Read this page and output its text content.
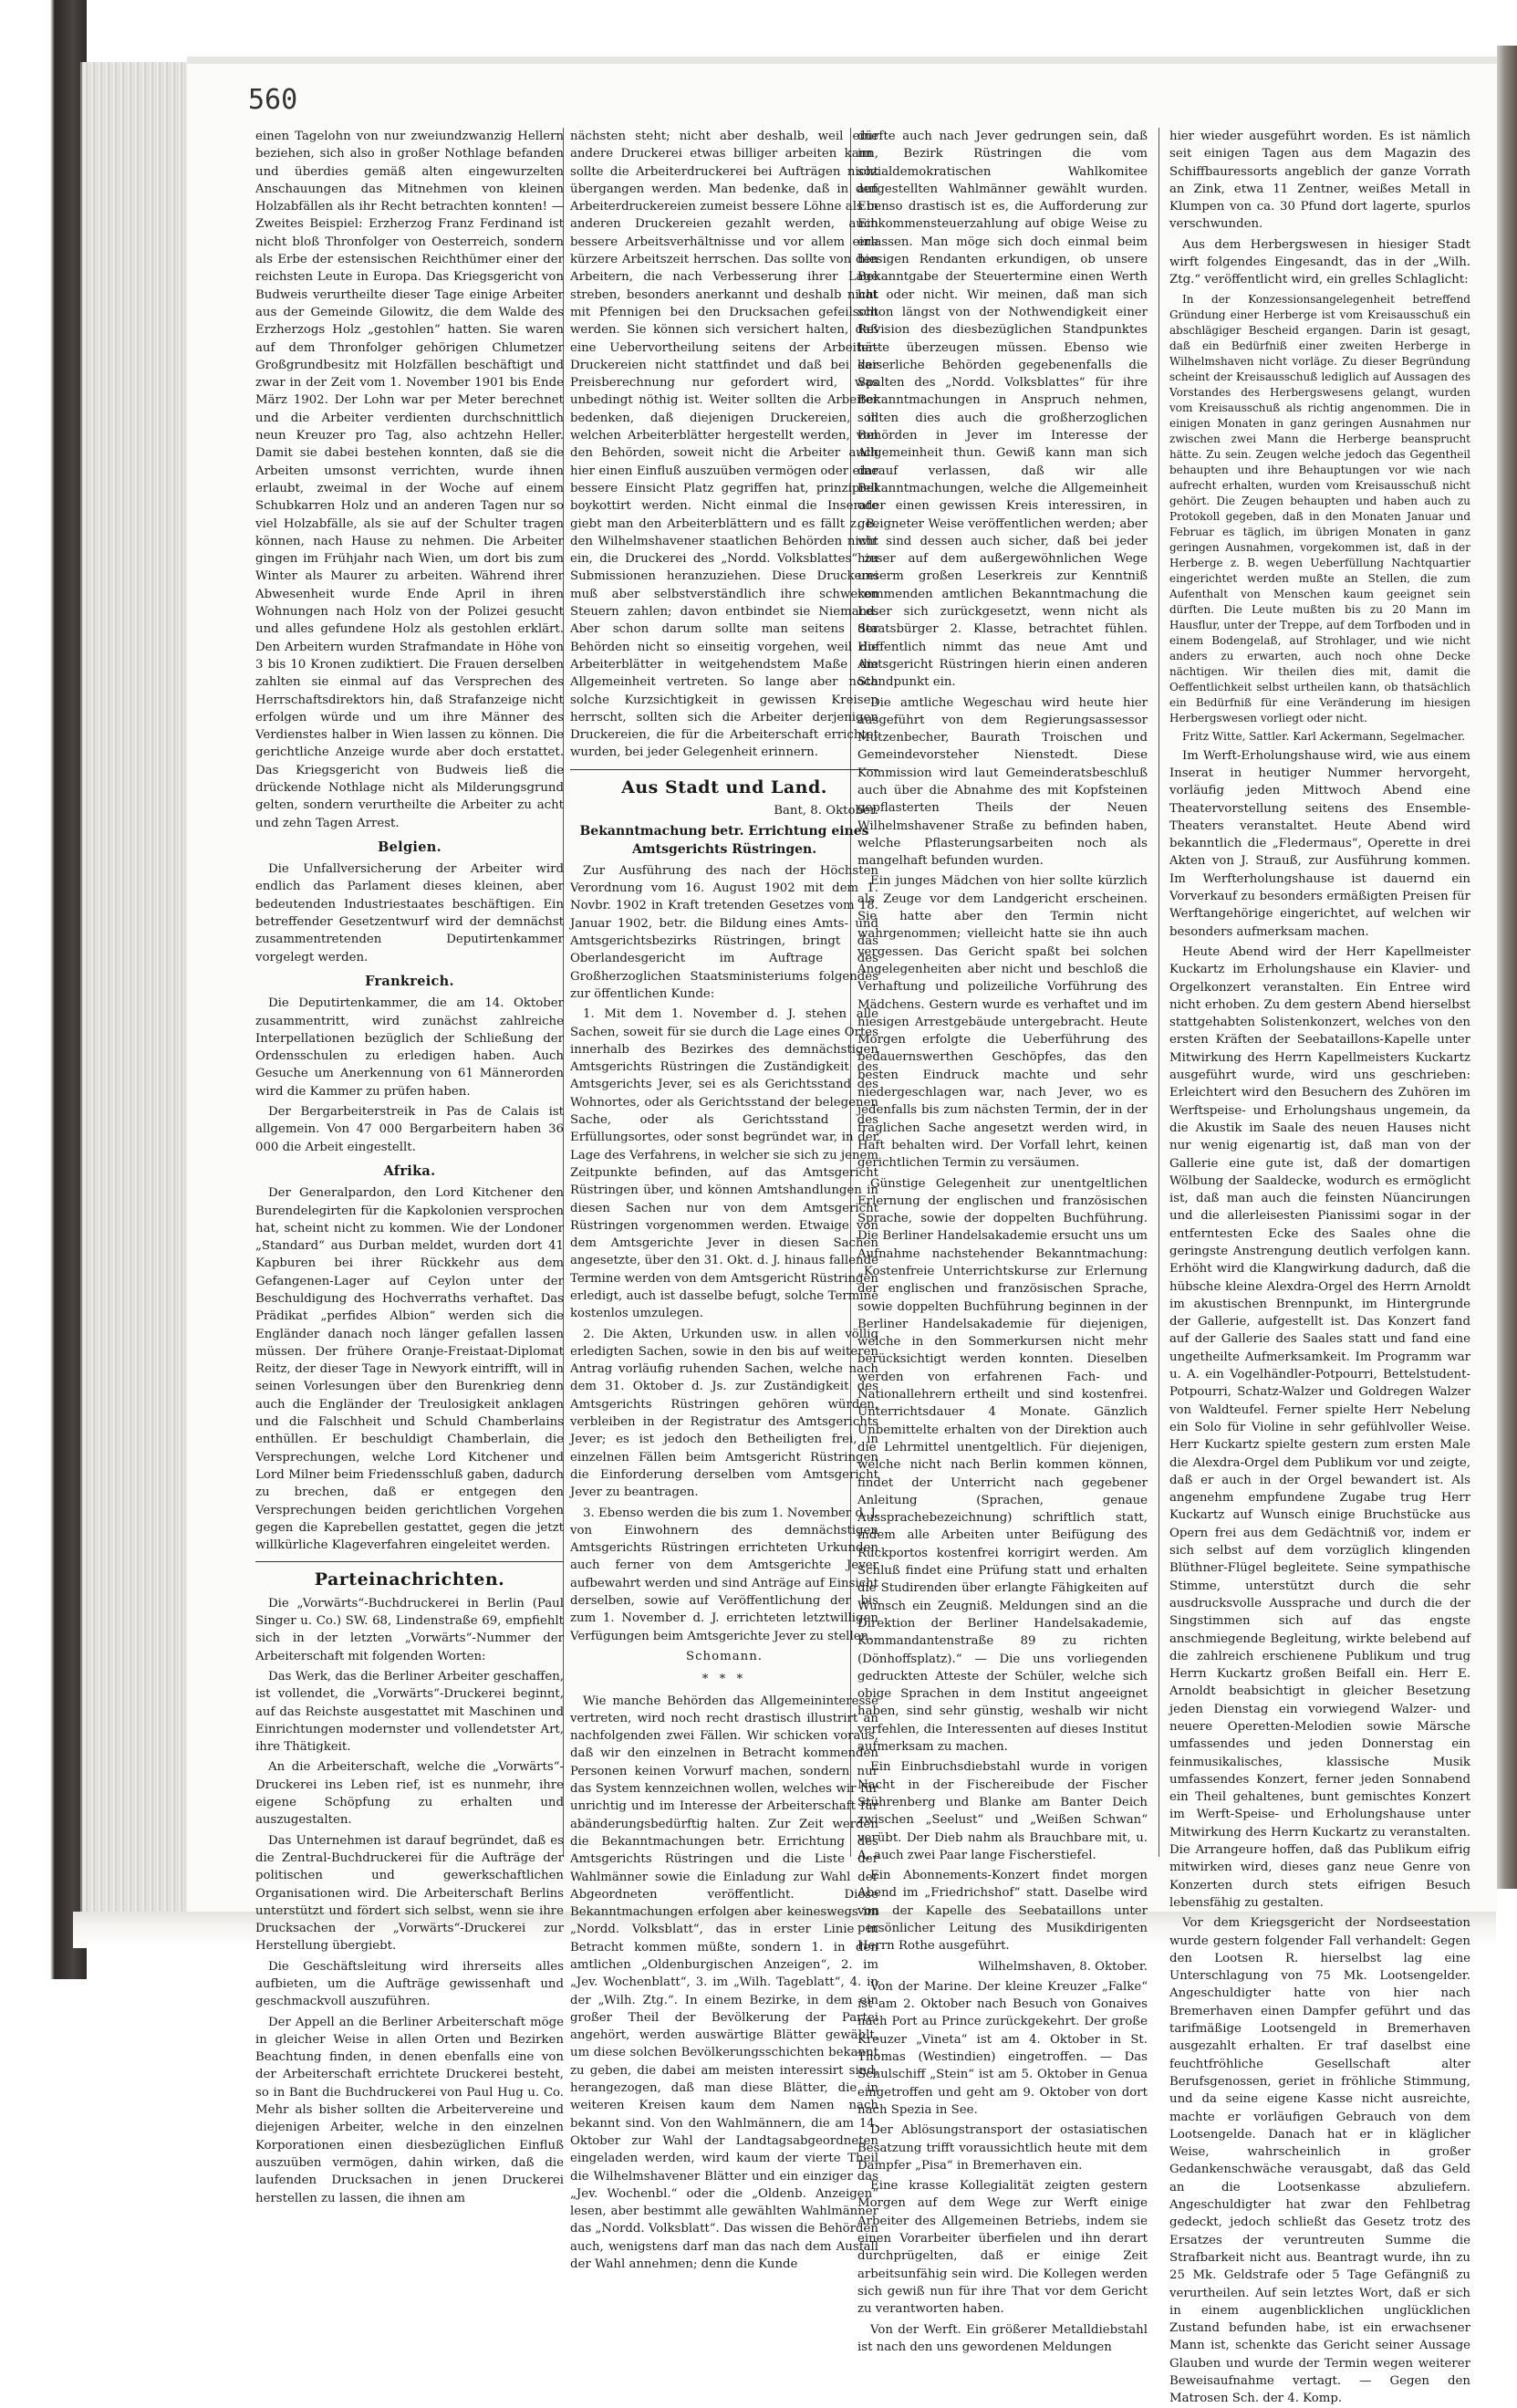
560

einen Tagelohn von nur zweiundzwanzig Hellern beziehen, sich also in großer Nothlage befanden und überdies gemäß alten eingewurzelten Anschauungen das Mitnehmen von kleinen Holzabfällen als ihr Recht betrachten konnten! — Zweites Beispiel: Erzherzog Franz Ferdinand ist nicht bloß Thronfolger von Oesterreich, sondern als Erbe der estensischen Reichthümer einer der reichsten Leute in Europa. Das Kriegsgericht von Budweis verurtheilte dieser Tage einige Arbeiter aus der Gemeinde Gilowitz, die dem Walde des Erzherzogs Holz „gestohlen“ hatten. Sie waren auf dem Thronfolger gehörigen Chlumetzer Großgrundbesitz mit Holzfällen beschäftigt und zwar in der Zeit vom 1. November 1901 bis Ende März 1902. Der Lohn war per Meter berechnet und die Arbeiter verdienten durchschnittlich neun Kreuzer pro Tag, also achtzehn Heller. Damit sie dabei bestehen konnten, daß sie die Arbeiten umsonst verrichten, wurde ihnen erlaubt, zweimal in der Woche auf einem Schubkarren Holz und an anderen Tagen nur so viel Holzabfälle, als sie auf der Schulter tragen können, nach Hause zu nehmen. Die Arbeiter gingen im Frühjahr nach Wien, um dort bis zum Winter als Maurer zu arbeiten. Während ihrer Abwesenheit wurde Ende April in ihren Wohnungen nach Holz von der Polizei gesucht und alles gefundene Holz als gestohlen erklärt. Den Arbeitern wurden Strafmandate in Höhe von 3 bis 10 Kronen zudiktiert. Die Frauen derselben zahlten sie einmal auf das Versprechen des Herrschaftsdirektors hin, daß Strafanzeige nicht erfolgen würde und um ihre Männer des Verdienstes halber in Wien lassen zu können. Die gerichtliche Anzeige wurde aber doch erstattet. Das Kriegsgericht von Budweis ließ die drückende Nothlage nicht als Milderungsgrund gelten, sondern verurtheilte die Arbeiter zu acht und zehn Tagen Arrest.

Belgien.

Die Unfallversicherung der Arbeiter wird endlich das Parlament dieses kleinen, aber bedeutenden Industriestaates beschäftigen. Ein betreffender Gesetzentwurf wird der demnächst zusammentretenden Deputirtenkammer vorgelegt werden.

Frankreich.

Die Deputirtenkammer, die am 14. Oktober zusammentritt, wird zunächst zahlreiche Interpellationen bezüglich der Schließung der Ordensschulen zu erledigen haben. Auch Gesuche um Anerkennung von 61 Männerorden wird die Kammer zu prüfen haben.

Der Bergarbeiterstreik in Pas de Calais ist allgemein. Von 47 000 Bergarbeitern haben 36 000 die Arbeit eingestellt.

Afrika.

Der Generalpardon, den Lord Kitchener den Burendelegirten für die Kapkolonien versprochen hat, scheint nicht zu kommen. Wie der Londoner „Standard“ aus Durban meldet, wurden dort 41 Kapburen bei ihrer Rückkehr aus dem Gefangenen-Lager auf Ceylon unter der Beschuldigung des Hochverraths verhaftet. Das Prädikat „perfides Albion“ werden sich die Engländer danach noch länger gefallen lassen müssen. Der frühere Oranje-Freistaat-Diplomat Reitz, der dieser Tage in Newyork eintrifft, will in seinen Vorlesungen über den Burenkrieg denn auch die Engländer der Treulosigkeit anklagen und die Falschheit und Schuld Chamberlains enthüllen. Er beschuldigt Chamberlain, die Versprechungen, welche Lord Kitchener und Lord Milner beim Friedensschluß gaben, dadurch zu brechen, daß er entgegen den Versprechungen beiden gerichtlichen Vorgehen gegen die Kaprebellen gestattet, gegen die jetzt willkürliche Klageverfahren eingeleitet werden.

Parteinachrichten.

Die „Vorwärts“-Buchdruckerei in Berlin (Paul Singer u. Co.) SW. 68, Lindenstraße 69, empfiehlt sich in der letzten „Vorwärts“-Nummer der Arbeiterschaft mit folgenden Worten:

Das Werk, das die Berliner Arbeiter geschaffen, ist vollendet, die „Vorwärts“-Druckerei beginnt, auf das Reichste ausgestattet mit Maschinen und Einrichtungen modernster und vollendetster Art, ihre Thätigkeit.

An die Arbeiterschaft, welche die „Vorwärts“-Druckerei ins Leben rief, ist es nunmehr, ihre eigene Schöpfung zu erhalten und auszugestalten.

Das Unternehmen ist darauf begründet, daß es die Zentral-Buchdruckerei für die Aufträge der politischen und gewerkschaftlichen Organisationen wird. Die Arbeiterschaft Berlins unterstützt und fördert sich selbst, wenn sie ihre Drucksachen der „Vorwärts“-Druckerei zur Herstellung übergiebt.

Die Geschäftsleitung wird ihrerseits alles aufbieten, um die Aufträge gewissenhaft und geschmackvoll auszuführen.

Der Appell an die Berliner Arbeiterschaft möge in gleicher Weise in allen Orten und Bezirken Beachtung finden, in denen ebenfalls eine von der Arbeiterschaft errichtete Druckerei besteht, so in Bant die Buchdruckerei von Paul Hug u. Co. Mehr als bisher sollten die Arbeitervereine und diejenigen Arbeiter, welche in den einzelnen Korporationen einen diesbezüglichen Einfluß auszuüben vermögen, dahin wirken, daß die laufenden Drucksachen in jenen Druckerei herstellen zu lassen, die ihnen am

nächsten steht; nicht aber deshalb, weil eine andere Druckerei etwas billiger arbeiten kann, sollte die Arbeiterdruckerei bei Aufträgen nicht übergangen werden. Man bedenke, daß in den Arbeiterdruckereien zumeist bessere Löhne als in anderen Druckereien gezahlt werden, auch bessere Arbeitsverhältnisse und vor allem eine kürzere Arbeitszeit herrschen. Das sollte von den Arbeitern, die nach Verbesserung ihrer Lage streben, besonders anerkannt und deshalb nicht mit Pfennigen bei den Drucksachen gefeilscht werden. Sie können sich versichert halten, daß eine Uebervortheilung seitens der Arbeiter-Druckereien nicht stattfindet und daß bei der Preisberechnung nur gefordert wird, was unbedingt nöthig ist. Weiter sollten die Arbeiter bedenken, daß diejenigen Druckereien, in welchen Arbeiterblätter hergestellt werden, von den Behörden, soweit nicht die Arbeiter auch hier einen Einfluß auszuüben vermögen oder eine bessere Einsicht Platz gegriffen hat, prinzipiell boykottirt werden. Nicht einmal die Inserate giebt man den Arbeiterblättern und es fällt z. B. den Wilhelmshavener staatlichen Behörden nicht ein, die Druckerei des „Nordd. Volksblattes“ zu Submissionen heranzuziehen. Diese Druckerei muß aber selbstverständlich ihre schweren Steuern zahlen; davon entbindet sie Niemand. Aber schon darum sollte man seitens der Behörden nicht so einseitig vorgehen, weil die Arbeiterblätter in weitgehendstem Maße die Allgemeinheit vertreten. So lange aber noch solche Kurzsichtigkeit in gewissen Kreisen herrscht, sollten sich die Arbeiter derjenigen Druckereien, die für die Arbeiterschaft errichtet wurden, bei jeder Gelegenheit erinnern.

Aus Stadt und Land.
Bant, 8. Oktober.
Bekanntmachung betr. Errichtung eines Amtsgerichts Rüstringen.

Zur Ausführung des nach der Höchsten Verordnung vom 16. August 1902 mit dem 1. Novbr. 1902 in Kraft tretenden Gesetzes vom 18. Januar 1902, betr. die Bildung eines Amts- und Amtsgerichtsbezirks Rüstringen, bringt das Oberlandesgericht im Auftrage des Großherzoglichen Staatsministeriums folgendes zur öffentlichen Kunde:

1. Mit dem 1. November d. J. stehen alle Sachen, soweit für sie durch die Lage eines Ortes innerhalb des Bezirkes des demnächstigen Amtsgerichts Rüstringen die Zuständigkeit des Amtsgerichts Jever, sei es als Gerichtsstand des Wohnortes, oder als Gerichtsstand der belegenen Sache, oder als Gerichtsstand des Erfüllungsortes, oder sonst begründet war, in der Lage des Verfahrens, in welcher sie sich zu jenem Zeitpunkte befinden, auf das Amtsgericht Rüstringen über, und können Amtshandlungen in diesen Sachen nur von dem Amtsgericht Rüstringen vorgenommen werden. Etwaige von dem Amtsgerichte Jever in diesen Sachen angesetzte, über den 31. Okt. d. J. hinaus fallende Termine werden von dem Amtsgericht Rüstringen erledigt, auch ist dasselbe befugt, solche Termine kostenlos umzulegen.

2. Die Akten, Urkunden usw. in allen völlig erledigten Sachen, sowie in den bis auf weiteren Antrag vorläufig ruhenden Sachen, welche nach dem 31. Oktober d. Js. zur Zuständigkeit des Amtsgerichts Rüstringen gehören würden, verbleiben in der Registratur des Amtsgerichts Jever; es ist jedoch den Betheiligten frei, in einzelnen Fällen beim Amtsgericht Rüstringen die Einforderung derselben vom Amtsgericht Jever zu beantragen.

3. Ebenso werden die bis zum 1. November d. J. von Einwohnern des demnächstigen Amtsgerichts Rüstringen errichteten Urkunden auch ferner von dem Amtsgerichte Jever aufbewahrt werden und sind Anträge auf Einsicht derselben, sowie auf Veröffentlichung der bis zum 1. November d. J. errichteten letztwilligen Verfügungen beim Amtsgerichte Jever zu stellen.

Schomann.
* * *

Wie manche Behörden das Allgemeininteresse vertreten, wird noch recht drastisch illustrirt an nachfolgenden zwei Fällen. Wir schicken voraus, daß wir den einzelnen in Betracht kommenden Personen keinen Vorwurf machen, sondern nur das System kennzeichnen wollen, welches wir für unrichtig und im Interesse der Arbeiterschaft für abänderungsbedürftig halten. Zur Zeit werden die Bekanntmachungen betr. Errichtung des Amtsgerichts Rüstringen und die Liste der Wahlmänner sowie die Einladung zur Wahl der Abgeordneten veröffentlicht. Diese Bekanntmachungen erfolgen aber keineswegs im „Nordd. Volksblatt“, das in erster Linie in Betracht kommen müßte, sondern 1. in den amtlichen „Oldenburgischen Anzeigen“, 2. im „Jev. Wochenblatt“, 3. im „Wilh. Tageblatt“, 4. in der „Wilh. Ztg.“. In einem Bezirke, in dem ein großer Theil der Bevölkerung der Partei angehört, werden auswärtige Blätter gewählt, um diese solchen Bevölkerungsschichten bekannt zu geben, die dabei am meisten interessirt sind, herangezogen, daß man diese Blätter, die in weiteren Kreisen kaum dem Namen nach bekannt sind. Von den Wahlmännern, die am 14. Oktober zur Wahl der Landtagsabgeordneten eingeladen werden, wird kaum der vierte Theil die Wilhelmshavener Blätter und ein einziger das „Jev. Wochenbl.“ oder die „Oldenb. Anzeigen“ lesen, aber bestimmt alle gewählten Wahlmänner das „Nordd. Volksblatt“. Das wissen die Behörden auch, wenigstens darf man das nach dem Ausfall der Wahl annehmen; denn die Kunde

dürfte auch nach Jever gedrungen sein, daß im Bezirk Rüstringen die vom sozialdemokratischen Wahlkomitee aufgestellten Wahlmänner gewählt wurden. Ebenso drastisch ist es, die Aufforderung zur Einkommensteuerzahlung auf obige Weise zu erlassen. Man möge sich doch einmal beim hiesigen Rendanten erkundigen, ob unsere Bekanntgabe der Steuertermine einen Werth hat oder nicht. Wir meinen, daß man sich schon längst von der Nothwendigkeit einer Revision des diesbezüglichen Standpunktes hätte überzeugen müssen. Ebenso wie kaiserliche Behörden gegebenenfalls die Spalten des „Nordd. Volksblattes“ für ihre Bekanntmachungen in Anspruch nehmen, sollten dies auch die großherzoglichen Behörden in Jever im Interesse der Allgemeinheit thun. Gewiß kann man sich darauf verlassen, daß wir alle Bekanntmachungen, welche die Allgemeinheit oder einen gewissen Kreis interessiren, in geeigneter Weise veröffentlichen werden; aber wir sind dessen auch sicher, daß bei jeder hieser auf dem außergewöhnlichen Wege unserm großen Leserkreis zur Kenntniß kommenden amtlichen Bekanntmachung die Leser sich zurückgesetzt, wenn nicht als Staatsbürger 2. Klasse, betrachtet fühlen. Hoffentlich nimmt das neue Amt und Amtsgericht Rüstringen hierin einen anderen Standpunkt ein.

Die amtliche Wegeschau wird heute hier ausgeführt von dem Regierungsassessor Mutzenbecher, Baurath Troischen und Gemeindevorsteher Nienstedt. Diese Kommission wird laut Gemeinderatsbeschluß auch über die Abnahme des mit Kopfsteinen gepflasterten Theils der Neuen Wilhelmshavener Straße zu befinden haben, welche Pflasterungsarbeiten noch als mangelhaft befunden wurden.

Ein junges Mädchen von hier sollte kürzlich als Zeuge vor dem Landgericht erscheinen. Sie hatte aber den Termin nicht wahrgenommen; vielleicht hatte sie ihn auch vergessen. Das Gericht spaßt bei solchen Angelegenheiten aber nicht und beschloß die Verhaftung und polizeiliche Vorführung des Mädchens. Gestern wurde es verhaftet und im hiesigen Arrestgebäude untergebracht. Heute Morgen erfolgte die Ueberführung des bedauernswerthen Geschöpfes, das den besten Eindruck machte und sehr niedergeschlagen war, nach Jever, wo es jedenfalls bis zum nächsten Termin, der in der fraglichen Sache angesetzt werden wird, in Haft behalten wird. Der Vorfall lehrt, keinen gerichtlichen Termin zu versäumen.

Günstige Gelegenheit zur unentgeltlichen Erlernung der englischen und französischen Sprache, sowie der doppelten Buchführung. Die Berliner Handelsakademie ersucht uns um Aufnahme nachstehender Bekanntmachung: „Kostenfreie Unterrichtskurse zur Erlernung der englischen und französischen Sprache, sowie doppelten Buchführung beginnen in der Berliner Handelsakademie für diejenigen, welche in den Sommerkursen nicht mehr berücksichtigt werden konnten. Dieselben werden von erfahrenen Fach- und Nationallehrern ertheilt und sind kostenfrei. Unterrichtsdauer 4 Monate. Gänzlich Unbemittelte erhalten von der Direktion auch die Lehrmittel unentgeltlich. Für diejenigen, welche nicht nach Berlin kommen können, findet der Unterricht nach gegebener Anleitung (Sprachen, genaue Aussprachebezeichnung) schriftlich statt, indem alle Arbeiten unter Beifügung des Rückportos kostenfrei korrigirt werden. Am Schluß findet eine Prüfung statt und erhalten die Studirenden über erlangte Fähigkeiten auf Wunsch ein Zeugniß. Meldungen sind an die Direktion der Berliner Handelsakademie, Kommandantenstraße 89 zu richten (Dönhoffsplatz).“ — Die uns vorliegenden gedruckten Atteste der Schüler, welche sich obige Sprachen in dem Institut angeeignet haben, sind sehr günstig, weshalb wir nicht verfehlen, die Interessenten auf dieses Institut aufmerksam zu machen.

Ein Einbruchsdiebstahl wurde in vorigen Nacht in der Fischereibude der Fischer Stührenberg und Blanke am Banter Deich zwischen „Seelust“ und „Weißen Schwan“ verübt. Der Dieb nahm als Brauchbare mit, u. A. auch zwei Paar lange Fischerstiefel.

Ein Abonnements-Konzert findet morgen Abend im „Friedrichshof“ statt. Daselbe wird von der Kapelle des Seebataillons unter persönlicher Leitung des Musikdirigenten Herrn Rothe ausgeführt.

Wilhelmshaven, 8. Oktober.

Von der Marine. Der kleine Kreuzer „Falke“ ist am 2. Oktober nach Besuch von Gonaives nach Port au Prince zurückgekehrt. Der große Kreuzer „Vineta“ ist am 4. Oktober in St. Thomas (Westindien) eingetroffen. — Das Schulschiff „Stein“ ist am 5. Oktober in Genua eingetroffen und geht am 9. Oktober von dort nach Spezia in See.

Der Ablösungstransport der ostasiatischen Besatzung trifft voraussichtlich heute mit dem Dampfer „Pisa“ in Bremerhaven ein.

Eine krasse Kollegialität zeigten gestern Morgen auf dem Wege zur Werft einige Arbeiter des Allgemeinen Betriebs, indem sie einen Vorarbeiter überfielen und ihn derart durchprügelten, daß er einige Zeit arbeitsunfähig sein wird. Die Kollegen werden sich gewiß nun für ihre That vor dem Gericht zu verantworten haben.

Von der Werft. Ein größerer Metalldiebstahl ist nach den uns gewordenen Meldungen

hier wieder ausgeführt worden. Es ist nämlich seit einigen Tagen aus dem Magazin des Schiffbauressorts angeblich der ganze Vorrath an Zink, etwa 11 Zentner, weißes Metall in Klumpen von ca. 30 Pfund dort lagerte, spurlos verschwunden.

Aus dem Herbergswesen in hiesiger Stadt wirft folgendes Eingesandt, das in der „Wilh. Ztg.“ veröffentlicht wird, ein grelles Schlaglicht:

In der Konzessionsangelegenheit betreffend Gründung einer Herberge ist vom Kreisausschuß ein abschlägiger Bescheid ergangen. Darin ist gesagt, daß ein Bedürfniß einer zweiten Herberge in Wilhelmshaven nicht vorläge. Zu dieser Begründung scheint der Kreisausschuß lediglich auf Aussagen des Vorstandes des Herbergswesens gelangt, wurden vom Kreisausschuß als richtig angenommen. Die in einigen Monaten in ganz geringen Ausnahmen nur zwischen zwei Mann die Herberge beansprucht hätte. Zu sein. Zeugen welche jedoch das Gegentheil behaupten und ihre Behauptungen vor wie nach aufrecht erhalten, wurden vom Kreisausschuß nicht gehört. Die Zeugen behaupten und haben auch zu Protokoll gegeben, daß in den Monaten Januar und Februar es täglich, im übrigen Monaten in ganz geringen Ausnahmen, vorgekommen ist, daß in der Herberge z. B. wegen Ueberfüllung Nachtquartier eingerichtet werden mußte an Stellen, die zum Aufenthalt von Menschen kaum geeignet sein dürften. Die Leute mußten bis zu 20 Mann im Hausflur, unter der Treppe, auf dem Torfboden und in einem Bodengelaß, auf Strohlager, und wie nicht anders zu erwarten, auch noch ohne Decke nächtigen. Wir theilen dies mit, damit die Oeffentlichkeit selbst urtheilen kann, ob thatsächlich ein Bedürfniß für eine Veränderung im hiesigen Herbergswesen vorliegt oder nicht.

Fritz Witte, Sattler. Karl Ackermann, Segelmacher.

Im Werft-Erholungshause wird, wie aus einem Inserat in heutiger Nummer hervorgeht, vorläufig jeden Mittwoch Abend eine Theatervorstellung seitens des Ensemble-Theaters veranstaltet. Heute Abend wird bekanntlich die „Fledermaus“, Operette in drei Akten von J. Strauß, zur Ausführung kommen. Im Werfterholungshause ist dauernd ein Vorverkauf zu besonders ermäßigten Preisen für Werftangehörige eingerichtet, auf welchen wir besonders aufmerksam machen.

Heute Abend wird der Herr Kapellmeister Kuckartz im Erholungshause ein Klavier- und Orgelkonzert veranstalten. Ein Entree wird nicht erhoben. Zu dem gestern Abend hierselbst stattgehabten Solistenkonzert, welches von den ersten Kräften der Seebataillons-Kapelle unter Mitwirkung des Herrn Kapellmeisters Kuckartz ausgeführt wurde, wird uns geschrieben: Erleichtert wird den Besuchern des Zuhören im Werftspeise- und Erholungshaus ungemein, da die Akustik im Saale des neuen Hauses nicht nur wenig eigenartig ist, daß man von der Gallerie eine gute ist, daß der domartigen Wölbung der Saaldecke, wodurch es ermöglicht ist, daß man auch die feinsten Nüancirungen und die allerleisesten Pianissimi sogar in der entferntesten Ecke des Saales ohne die geringste Anstrengung deutlich verfolgen kann. Erhöht wird die Klangwirkung dadurch, daß die hübsche kleine Alexdra-Orgel des Herrn Arnoldt im akustischen Brennpunkt, im Hintergrunde der Gallerie, aufgestellt ist. Das Konzert fand auf der Gallerie des Saales statt und fand eine ungetheilte Aufmerksamkeit. Im Programm war u. A. ein Vogelhändler-Potpourri, Bettelstudent-Potpourri, Schatz-Walzer und Goldregen Walzer von Waldteufel. Ferner spielte Herr Nebelung ein Solo für Violine in sehr gefühlvoller Weise. Herr Kuckartz spielte gestern zum ersten Male die Alexdra-Orgel dem Publikum vor und zeigte, daß er auch in der Orgel bewandert ist. Als angenehm empfundene Zugabe trug Herr Kuckartz auf Wunsch einige Bruchstücke aus Opern frei aus dem Gedächtniß vor, indem er sich selbst auf dem vorzüglich klingenden Blüthner-Flügel begleitete. Seine sympathische Stimme, unterstützt durch die sehr ausdrucksvolle Aussprache und durch die der Singstimmen sich auf das engste anschmiegende Begleitung, wirkte belebend auf die zahlreich erschienene Publikum und trug Herrn Kuckartz großen Beifall ein. Herr E. Arnoldt beabsichtigt in gleicher Besetzung jeden Dienstag ein vorwiegend Walzer- und neuere Operetten-Melodien sowie Märsche umfassendes und jeden Donnerstag ein feinmusikalisches, klassische Musik umfassendes Konzert, ferner jeden Sonnabend ein Theil gehaltenes, bunt gemischtes Konzert im Werft-Speise- und Erholungshause unter Mitwirkung des Herrn Kuckartz zu veranstalten. Die Arrangeure hoffen, daß das Publikum eifrig mitwirken wird, dieses ganz neue Genre von Konzerten durch stets eifrigen Besuch lebensfähig zu gestalten.

Vor dem Kriegsgericht der Nordseestation wurde gestern folgender Fall verhandelt: Gegen den Lootsen R. hierselbst lag eine Unterschlagung von 75 Mk. Lootsengelder. Angeschuldigter hatte von hier nach Bremerhaven einen Dampfer geführt und das tarifmäßige Lootsengeld in Bremerhaven ausgezahlt erhalten. Er traf daselbst eine feuchtfröhliche Gesellschaft alter Berufsgenossen, geriet in fröhliche Stimmung, und da seine eigene Kasse nicht ausreichte, machte er vorläufigen Gebrauch von dem Lootsengelde. Danach hat er in kläglicher Weise, wahrscheinlich in großer Gedankenschwäche verausgabt, daß das Geld an die Lootsenkasse abzuliefern. Angeschuldigter hat zwar den Fehlbetrag gedeckt, jedoch schließt das Gesetz trotz des Ersatzes der veruntreuten Summe die Strafbarkeit nicht aus. Beantragt wurde, ihn zu 25 Mk. Geldstrafe oder 5 Tage Gefängniß zu verurtheilen. Auf sein letztes Wort, daß er sich in einem augenblicklichen unglücklichen Zustand befunden habe, ist ein erwachsener Mann ist, schenkte das Gericht seiner Aussage Glauben und wurde der Termin wegen weiterer Beweisaufnahme vertagt. — Gegen den Matrosen Sch. der 4. Komp.
